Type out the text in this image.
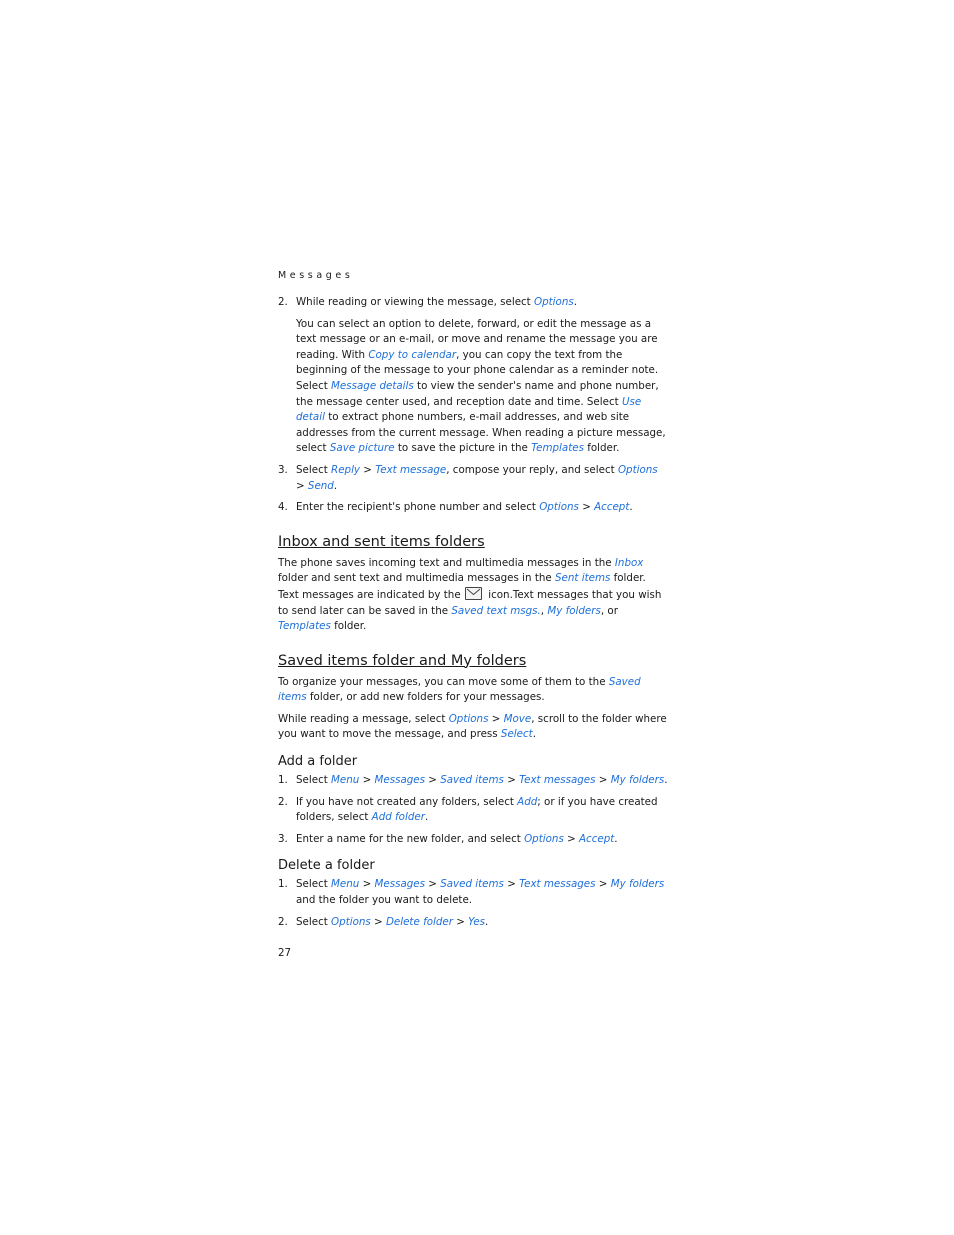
Messages
2. While reading or viewing the message, select Options.

You can select an option to delete, forward, or edit the message as a text message or an e-mail, or move and rename the message you are reading. With Copy to calendar, you can copy the text from the beginning of the message to your phone calendar as a reminder note. Select Message details to view the sender's name and phone number, the message center used, and reception date and time. Select Use detail to extract phone numbers, e-mail addresses, and web site addresses from the current message. When reading a picture message, select Save picture to save the picture in the Templates folder.

3. Select Reply > Text message, compose your reply, and select Options > Send.
4. Enter the recipient's phone number and select Options > Accept.
Inbox and sent items folders

The phone saves incoming text and multimedia messages in the Inbox folder and sent text and multimedia messages in the Sent items folder. Text messages are indicated by the
icon.Text messages that you wish to send later can be saved in the Saved text msgs., My folders, or Templates folder.

Saved items folder and My folders

To organize your messages, you can move some of them to the Saved items folder, or add new folders for your messages.

While reading a message, select Options > Move, scroll to the folder where you want to move the message, and press Select.

Add a folder
1. Select Menu > Messages > Saved items > Text messages > My folders.
2. If you have not created any folders, select Add; or if you have created folders, select Add folder.
3. Enter a name for the new folder, and select Options > Accept.
Delete a folder
1. Select Menu > Messages > Saved items > Text messages > My folders and the folder you want to delete.
2. Select Options > Delete folder > Yes.
27
